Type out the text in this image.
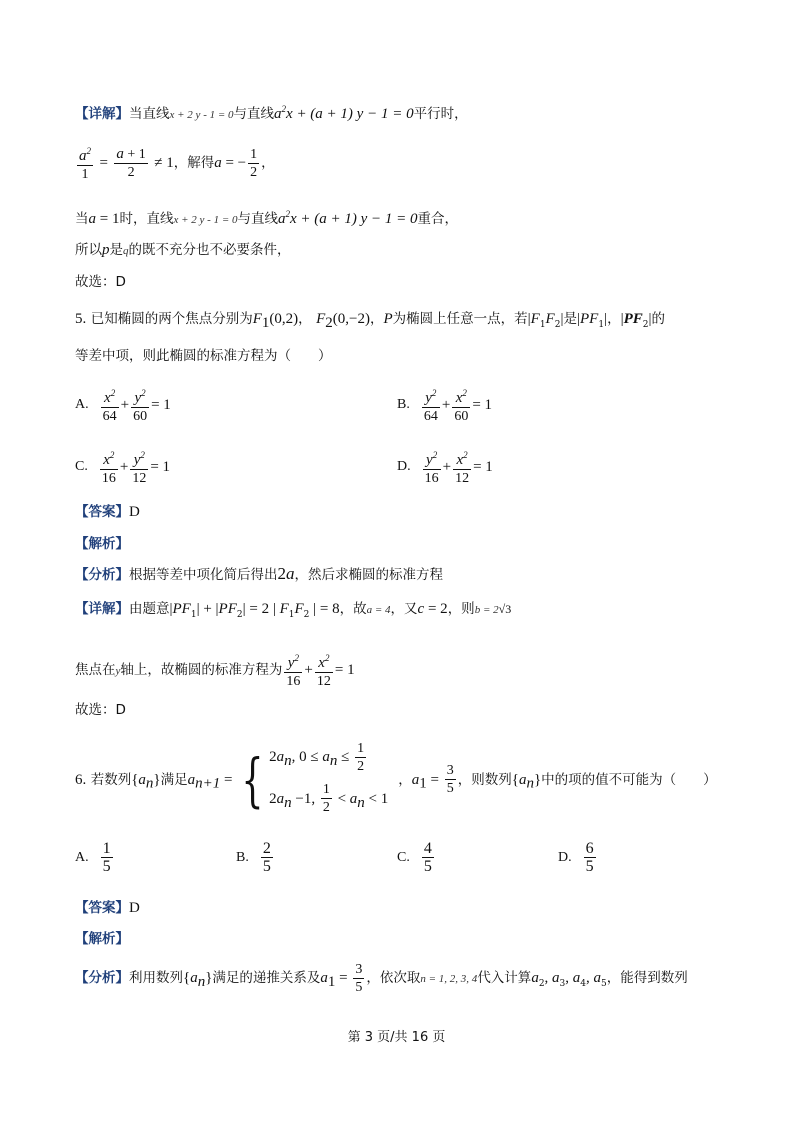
【详解】当直线x + 2 y - 1 = 0与直线$a^2x + (a + 1) y - 1 = 0$平行时，
$\frac{a^2}{1} = \frac{a + 1}{2} \ne 1$，解得a = − $\frac{1}{2}$ ，
当a = 1时，直线x + 2 y - 1 = 0与直线$a^2x + (a + 1) y - 1 = 0$重合，
所以p是q的既不充分也不必要条件，
故选：D
5. 已知椭圆的两个焦点分别为$F_1(0,2)$， $F_2(0,-2)$，P为椭圆上任意一点，若$|F_1F_2|$是$|PF_1|$，$|PF_2|$的
等差中项，则此椭圆的标准方程为（　　）
A. $\frac{x^2}{64} + \frac{y^2}{60} = 1$	B. $\frac{y^2}{64} + \frac{x^2}{60} = 1$
C. $\frac{x^2}{16} + \frac{y^2}{12} = 1$	D. $\frac{y^2}{16} + \frac{x^2}{12} = 1$
【答案】D
【解析】
【分析】根据等差中项化简后得出2a，然后求椭圆的标准方程
【详解】由题意$|PF_1| + |PF_2| = 2$ | $F_1F_2$ | = 8，故a = 4，又c = 2，则b = 2√3
焦点在y轴上，故椭圆的标准方程为 $\frac{y^2}{16} + \frac{x^2}{12} = 1$
故选：D
6. 若数列$\{a_n\}$满足$a_{n+1}$ = { $2a_n$, $0 \le a_n \le \frac{1}{2}$
$2a_n -1$, $\frac{1}{2} < a_n < 1$
，$a_1 = \frac{3}{5}$ ，则数列$\{a_n\}$中的项的值不可能为（　　）
A. $\frac{1}{5}$	B. $\frac{2}{5}$	C. $\frac{4}{5}$	D. $\frac{6}{5}$
【答案】D
【解析】
【分析】利用数列$\{a_n\}$满足的递推关系及$a_1 = \frac{3}{5}$ ，依次取n = 1, 2, 3, 4代入计算$a_2$, $a_3$, $a_4$, $a_5$，能得到数列
第 3 页/共 16 页
